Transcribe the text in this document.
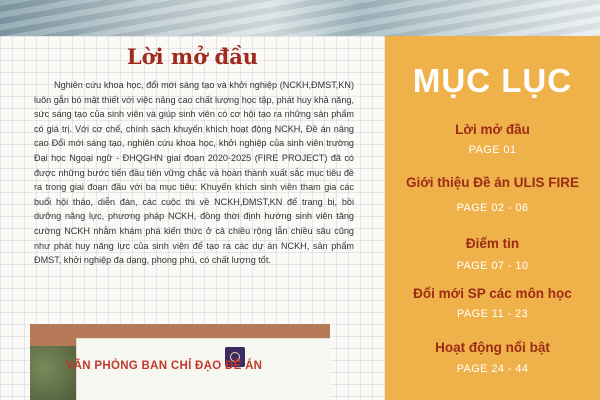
Lời mở đầu

Nghiên cứu khoa học, đổi mới sáng tạo và khởi nghiệp (NCKH,ĐMST,KN) luôn gắn bó mật thiết với việc nâng cao chất lượng học tập, phát huy khả năng, sức sáng tạo của sinh viên và giúp sinh viên có cơ hội tạo ra những sản phẩm có giá trị. Với cơ chế, chính sách khuyến khích hoạt động NCKH, Đề án nâng cao Đổi mới sáng tạo, nghiên cứu khoa học, khởi nghiệp của sinh viên trường Đại học Ngoại ngữ - ĐHQGHN giai đoạn 2020-2025 (FIRE PROJECT) đã có được những bước tiến đầu tiên vững chắc và hoàn thành xuất sắc mục tiêu đề ra trong giai đoạn đầu với ba mục tiêu: Khuyến khích sinh viên tham gia các buổi hội thảo, diễn đàn, các cuộc thi về NCKH,ĐMST,KN để trang bị, bồi dưỡng năng lực, phương pháp NCKH, đồng thời định hướng sinh viên tăng cường NCKH nhằm khám phá kiến thức ở cả chiều rộng lẫn chiều sâu cũng như phát huy năng lực của sinh viên để tạo ra các dự án NCKH, sản phẩm ĐMST, khởi nghiệp đa dạng, phong phú, có chất lượng tốt.

VĂN PHÒNG BAN CHỈ ĐẠO ĐỀ ÁN
MỤC LỤC
Lời mở đầu
PAGE 01
Giới thiệu Đề án ULIS FIRE
PAGE 02 - 06
Điểm tin
PAGE 07 - 10
Đổi mới SP các môn học
PAGE 11 - 23
Hoạt động nổi bật
PAGE 24 - 44
